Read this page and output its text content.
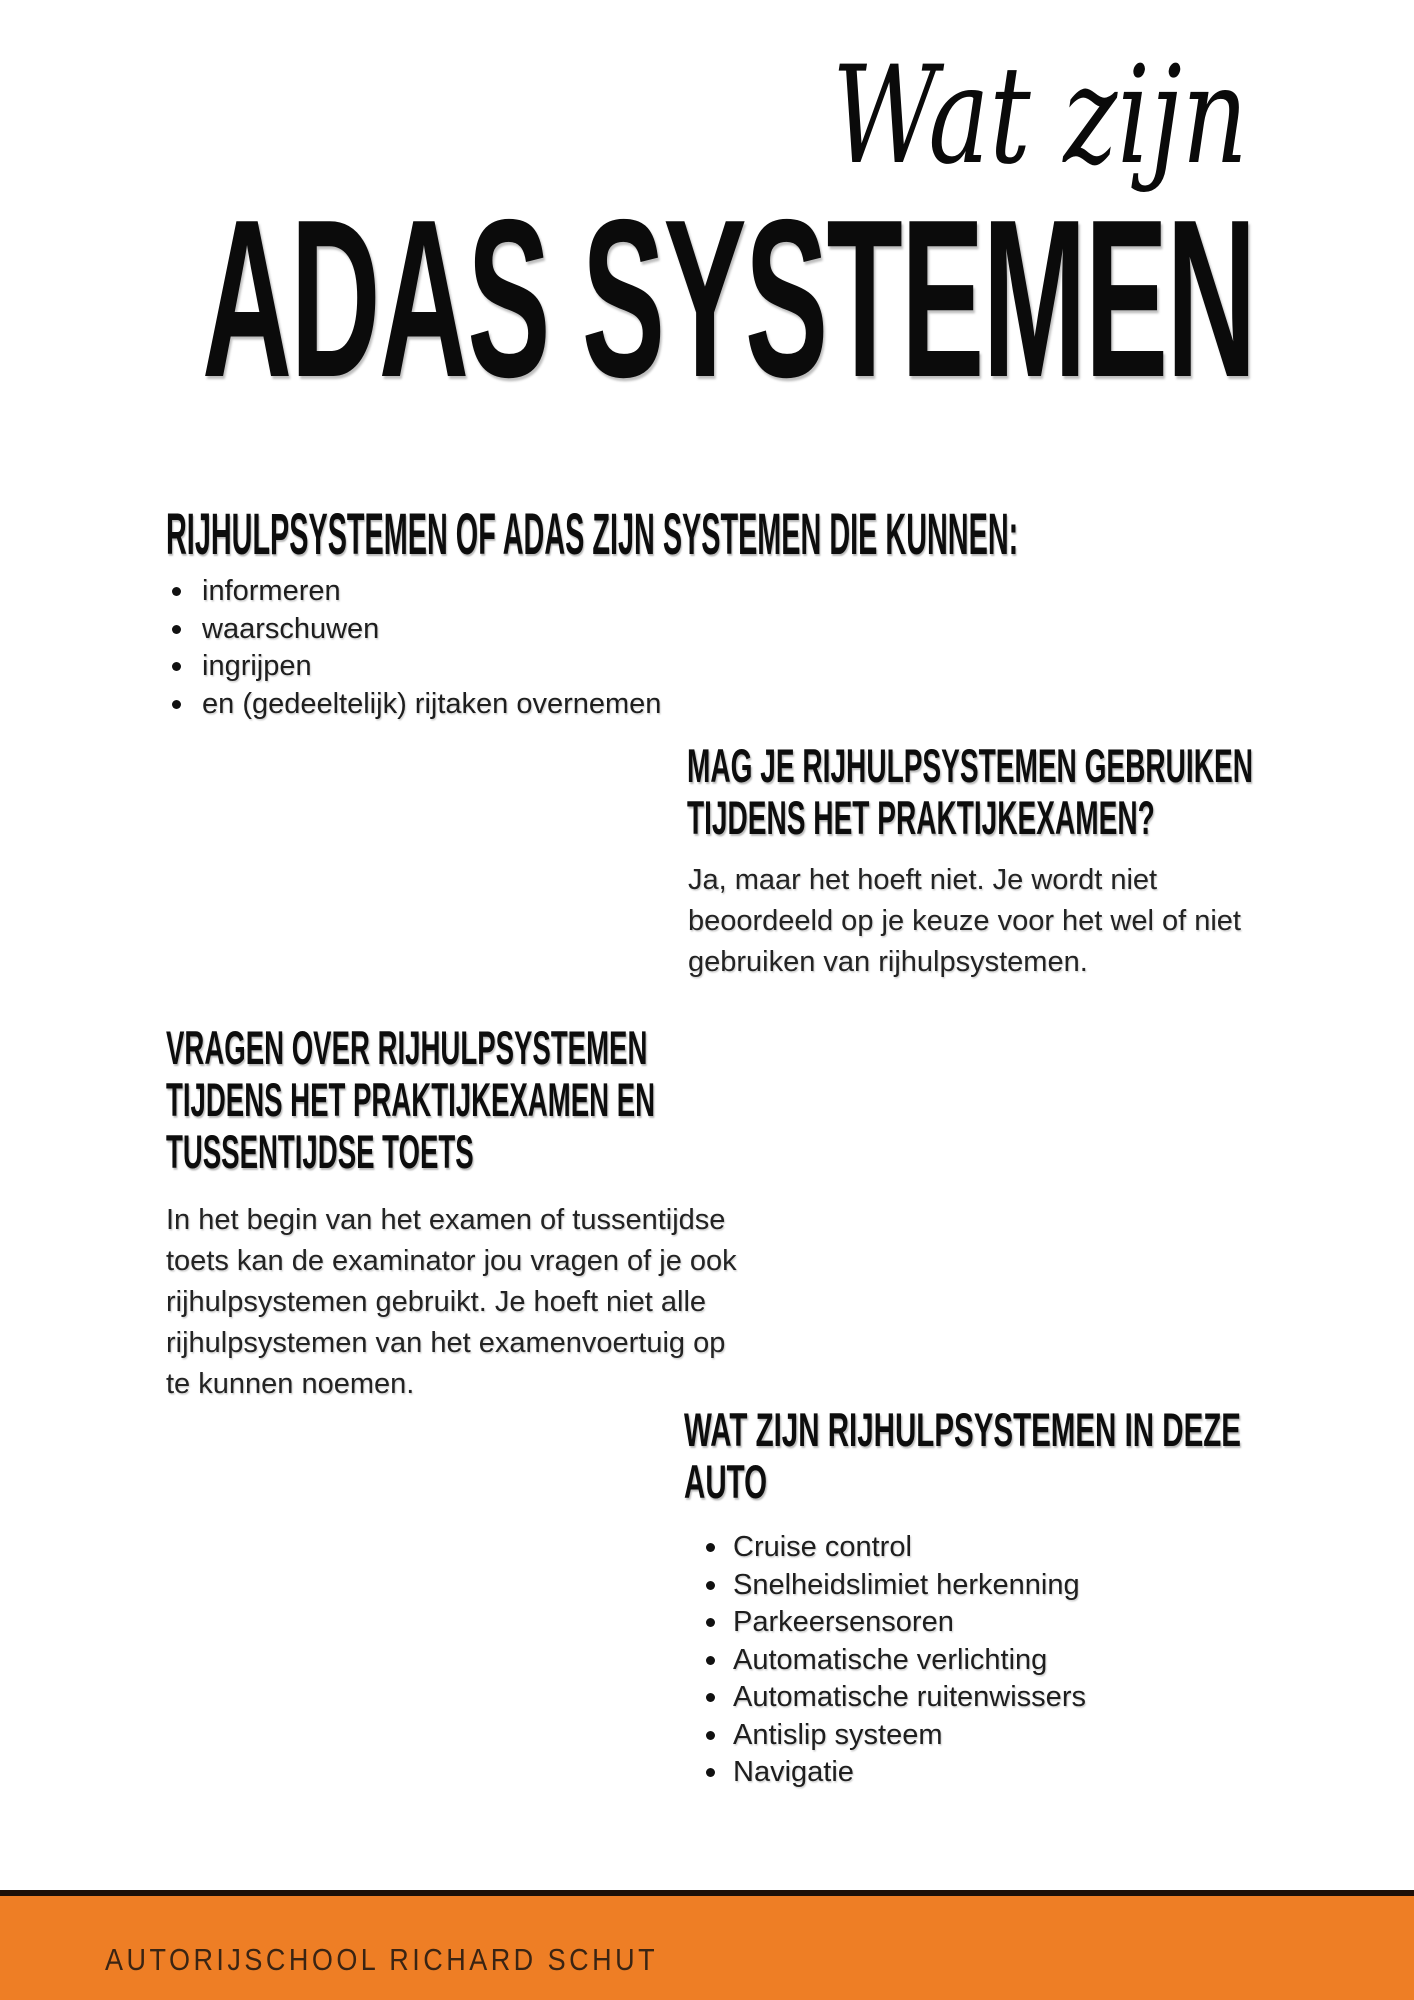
Wat zijn
ADAS SYSTEMEN
RIJHULPSYSTEMEN OF ADAS ZIJN SYSTEMEN DIE KUNNEN:
informeren
waarschuwen
ingrijpen
en (gedeeltelijk) rijtaken overnemen
MAG JE RIJHULPSYSTEMEN GEBRUIKEN
TIJDENS HET PRAKTIJKEXAMEN?
Ja, maar het hoeft niet. Je wordt niet
beoordeeld op je keuze voor het wel of niet
gebruiken van rijhulpsystemen.
VRAGEN OVER RIJHULPSYSTEMEN
TIJDENS HET PRAKTIJKEXAMEN EN
TUSSENTIJDSE TOETS
In het begin van het examen of tussentijdse
toets kan de examinator jou vragen of je ook
rijhulpsystemen gebruikt. Je hoeft niet alle
rijhulpsystemen van het examenvoertuig op
te kunnen noemen.
WAT ZIJN RIJHULPSYSTEMEN IN DEZE
AUTO
Cruise control
Snelheidslimiet herkenning
Parkeersensoren
Automatische verlichting
Automatische ruitenwissers
Antislip systeem
Navigatie
AUTORIJSCHOOL RICHARD SCHUT
